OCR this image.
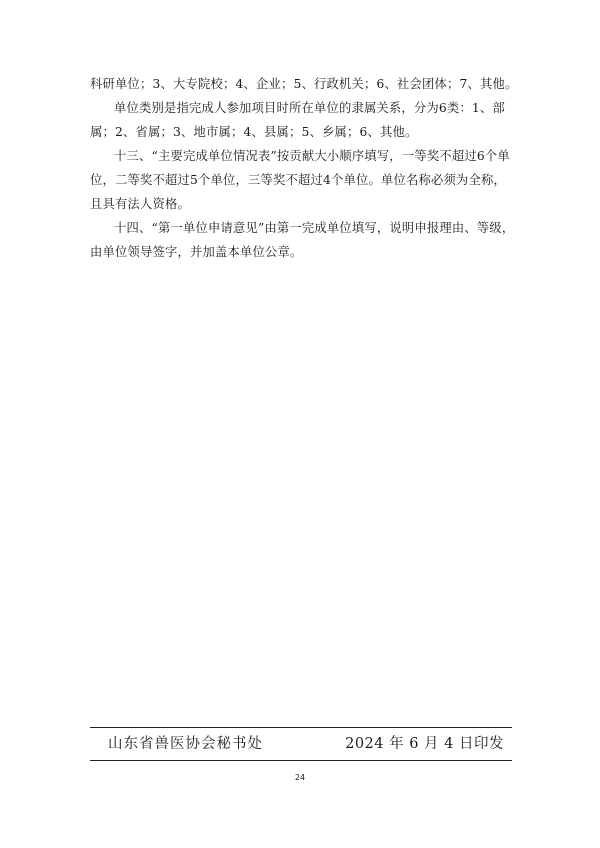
科研单位；3、大专院校；4、企业；5、行政机关；6、社会团体；7、其他。

单位类别是指完成人参加项目时所在单位的隶属关系，分为6类：1、部属；2、省属；3、地市属；4、县属；5、乡属；6、其他。

十三、“主要完成单位情况表”按贡献大小顺序填写，一等奖不超过6个单位，二等奖不超过5个单位，三等奖不超过4个单位。单位名称必须为全称，且具有法人资格。

十四、“第一单位申请意见”由第一完成单位填写，说明申报理由、等级，由单位领导签字，并加盖本单位公章。

山东省兽医协会秘书处	2024 年 6 月 4 日印发
24
